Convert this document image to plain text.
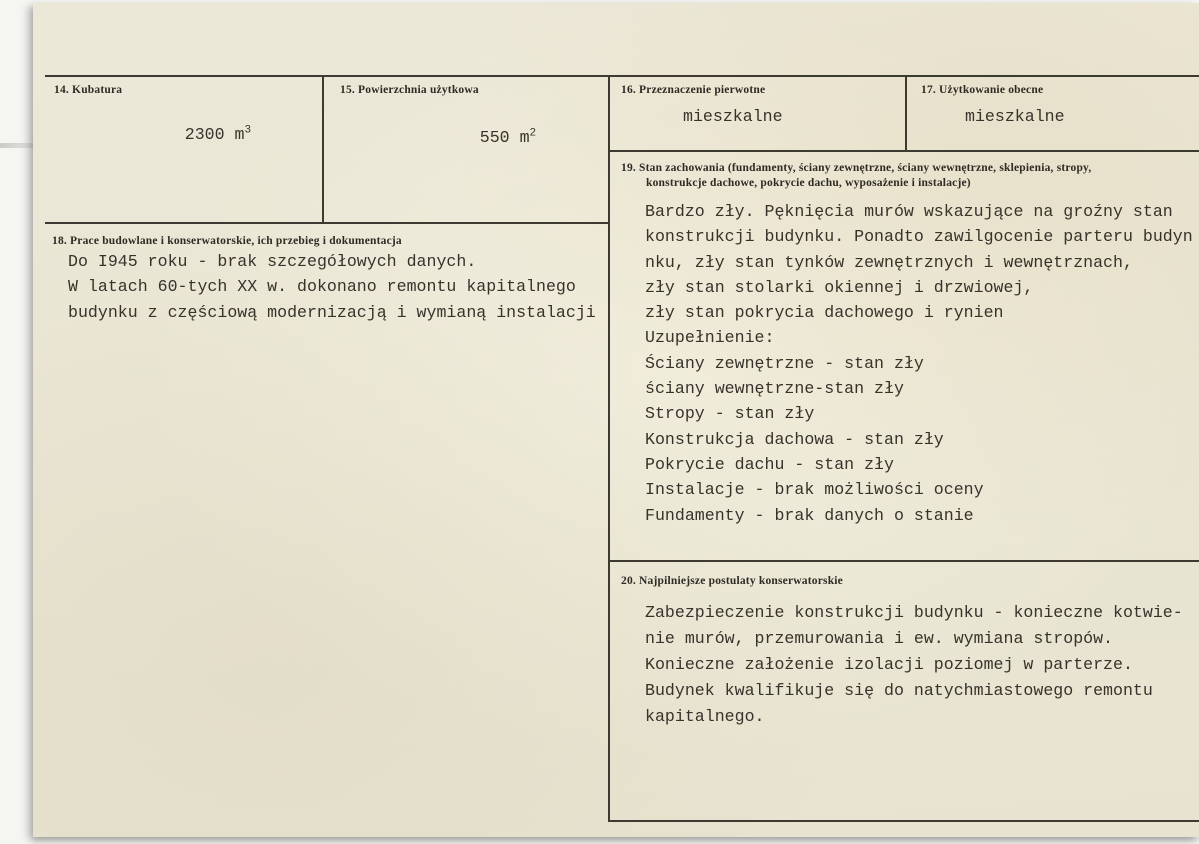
14. Kubatura

2300 $m^3$

15. Powierzchnia użytkowa

550 $m^2$

16. Przeznaczenie pierwotne
mieszkalne
17. Użytkowanie obecne
mieszkalne
18. Prace budowlane i konserwatorskie, ich przebieg i dokumentacja
Do I945 roku - brak szczegółowych danych.
W latach 60-tych XX w. dokonano remontu kapitalnego
budynku z częściową modernizacją i wymianą instalacji
19. Stan zachowania (fundamenty, ściany zewnętrzne, ściany wewnętrzne, sklepienia, stropy,
konstrukcje dachowe, pokrycie dachu, wyposażenie i instalacje)
Bardzo zły. Pęknięcia murów wskazujące na groźny stan
konstrukcji budynku. Ponadto zawilgocenie parteru budyn
nku, zły stan tynków zewnętrznych i wewnętrznach,
zły stan stolarki okiennej i drzwiowej,
zły stan pokrycia dachowego i rynien
Uzupełnienie:
Ściany zewnętrzne - stan zły
ściany wewnętrzne-stan zły
Stropy - stan zły
Konstrukcja dachowa - stan zły
Pokrycie dachu - stan zły
Instalacje - brak możliwości oceny
Fundamenty - brak danych o stanie
20. Najpilniejsze postulaty konserwatorskie
Zabezpieczenie konstrukcji budynku - konieczne kotwie-
nie murów, przemurowania i ew. wymiana stropów.
Konieczne założenie izolacji poziomej w parterze.
Budynek kwalifikuje się do natychmiastowego remontu
kapitalnego.
